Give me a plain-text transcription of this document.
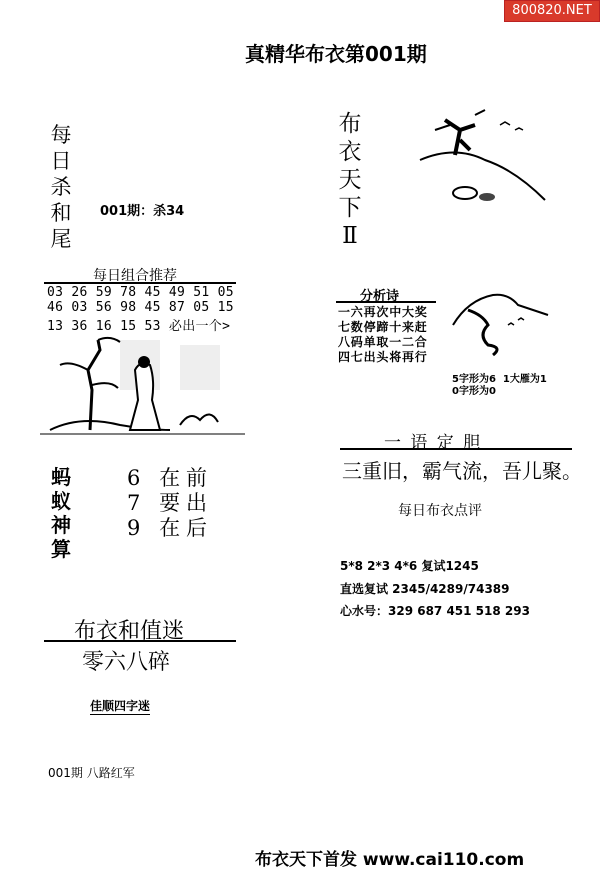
800820.NET
真精华布衣第001期
每日杀和尾
001期：杀34
每日组合推荐
03 26 59 78 45 49 51 05
46 03 56 98 45 87 05 15
13 36 16 15 53 必出一个>
蚂蚁神算
6 在前
7 要出
9 在后
布衣和值迷
零六八碎
佳顺四字迷
001期 八路红军
布衣天下Ⅱ
分析诗
一六再次中大奖
七数停蹄十来赶
八码单取一二合
四七出头将再行
5字形为6  1大雁为1
0字形为0
一 语 定 胆
三重旧，霸气流，吾儿聚。
每日布衣点评
5*8 2*3 4*6 复试1245
直选复试 2345/4289/74389
心水号：329 687 451 518 293
布衣天下首发 www.cai110.com
